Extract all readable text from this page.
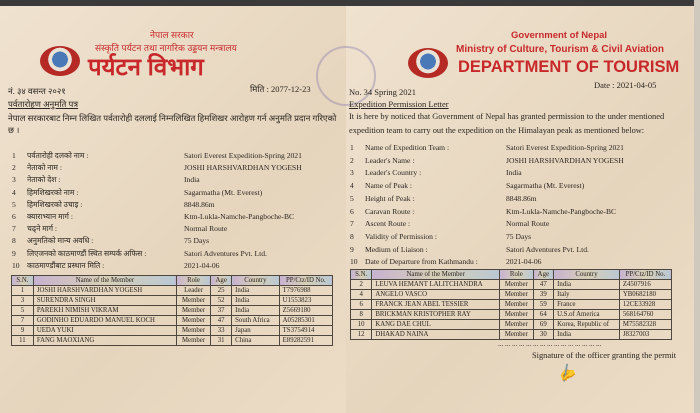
नेपाल सरकार
संस्कृति पर्यटन तथा नागरिक उड्डयन मन्त्रालय
पर्यटन विभाग
नं. ३४ वसन्त २०२१	मिति : 2077-12-23
पर्वतारोहण अनुमति पत्र
नेपाल सरकारबाट निम्न लिखित पर्वतारोही दललाई निम्नलिखित हिमशिखर आरोहण गर्न अनुमति प्रदान गरिएको छ ।
1 पर्वतारोही दलको नाम :	Satori Everest Expedition-Spring 2021
2 नेताको नाम :	JOSHI HARSHVARDHAN YOGESH
3 नेताको देश :	India
4 हिमशिखरको नाम :	Sagarmatha (Mt. Everest)
5 हिमशिखरको उचाइ :	8848.86m
6 क्याराभ्यान मार्ग :	Ktm-Lukla-Namche-Pangboche-BC
7 चढ्ने मार्ग :	Normal Route
8 अनुमतिको मान्य अवधि :	75 Days
9 लिएजनको काठमाण्डौं स्थित सम्पर्क अफिस :	Satori Adventures Pvt. Ltd.
10 काठमाण्डौंबाट प्रस्थान मिति :	2021-04-06
S.N.	Name of the Member	Role	Age	Country	PP/Ctz/ID No.
1	JOSHI HARSHVARDHAN YOGESH	Leader	25	India	T7976988
3	SURENDRA SINGH	Member	52	India	U1553823
5	PAREKH NIMISH VIKRAM	Member	37	India	Z5669180
7	GODINHO EDUARDO MANUEL KOCH	Member	47	South Africa	A05285301
9	UEDA YUKI	Member	33	Japan	TS3754914
11	FANG MAOXIANG	Member	31	China	E89282591
Government of Nepal
Ministry of Culture, Tourism & Civil Aviation
DEPARTMENT OF TOURISM
Date : 2021-04-05
No. 34 Spring 2021
Expedition Permission Letter
It is here by noticed that Government of Nepal has granted permission to the under mentioned
expedition team to carry out the expedition on the Himalayan peak as mentioned below:
1 Name of Expedition Team :	Satori Everest Expedition-Spring 2021
2 Leader's Name :	JOSHI HARSHVARDHAN YOGESH
3 Leader's Country :	India
4 Name of Peak :	Sagarmatha (Mt. Everest)
5 Height of Peak :	8848.86m
6 Caravan Route :	Ktm-Lukla-Namche-Pangboche-BC
7 Ascent Route :	Normal Route
8 Validity of Permission :	75 Days
9 Medium of Liaison :	Satori Adventures Pvt. Ltd.
10 Date of Departure from Kathmandu :	2021-04-06
S.N.	Name of the Member	Role	Age	Country	PP/Ctz/ID No.
2	LEUVA HEMANT LALITCHANDRA	Member	47	India	Z4507916
4	ANGELO VASCO	Member	39	Italy	YB0682180
6	FRANCK JEAN ABEL TESSIER	Member	59	France	12CE33928
8	BRICKMAN KRISTOPHER RAY	Member	64	U.S.of America	568164760
10	KANG DAE CHUL	Member	69	Korea, Republic of	M75582328
12	DHAKAD NAINA	Member	30	India	J8327003
... ... ... ... ... ... ... ... ... ... ... ... ... ... ...
Signature of the officer granting the permit
✍
